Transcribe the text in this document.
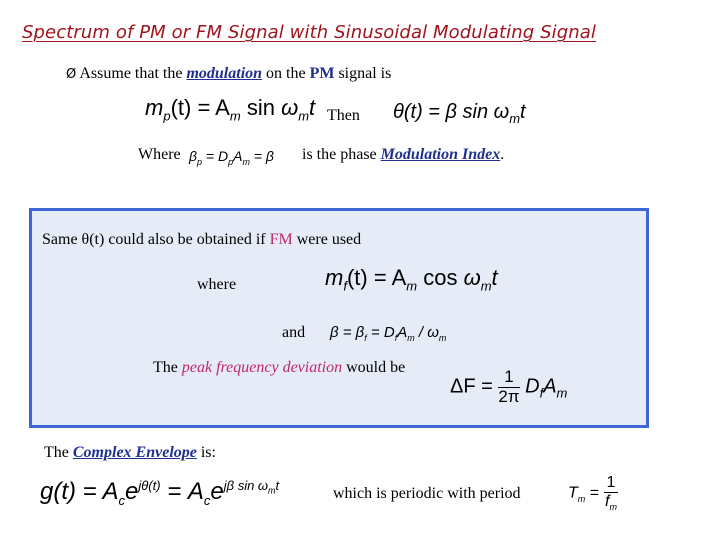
Spectrum of PM or FM Signal with Sinusoidal Modulating Signal
Ø Assume that the modulation on the PM signal is
$m_p(t) = A_m$ $\sin \omega_mt$ Then θ(t) = β $\sin \omega_mt$
Where $\beta_p = D_pA_m = \beta$ is the phase Modulation Index.
Same θ(t) could also be obtained if FM were used
where	$m_f(t) = A_m$ $\cos \omega_mt$
and $\beta = \beta_f = D_fA_m / \omega_m$
The peak frequency deviation would be
$\Delta F = \frac{1}{2\pi} D_fA_m$
The Complex Envelope is:
$g(t) = A_ce^{j\theta(t)} = A_ce^{j\beta sin \omega_mt}$	which is periodic with period	$T_m = \frac{1}{f_m}$
